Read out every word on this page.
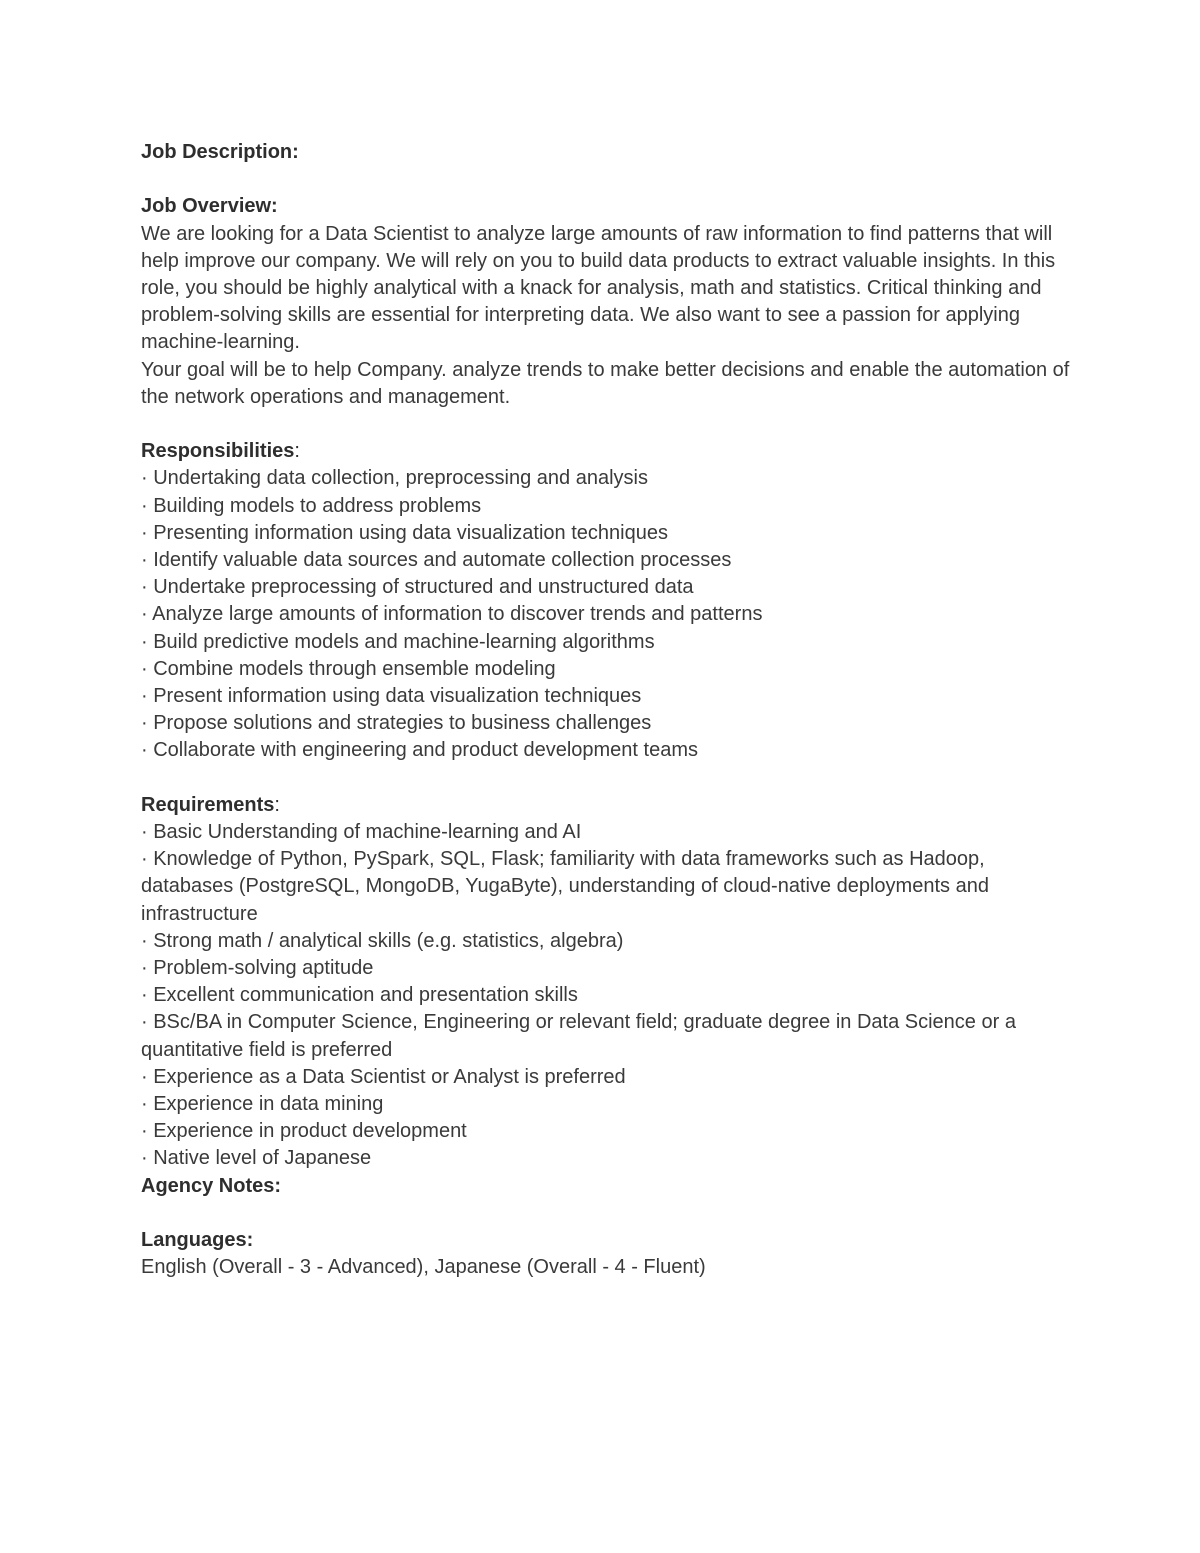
Job Description:

Job Overview:

We are looking for a Data Scientist to analyze large amounts of raw information to find patterns that will help improve our company. We will rely on you to build data products to extract valuable insights. In this role, you should be highly analytical with a knack for analysis, math and statistics. Critical thinking and problem-solving skills are essential for interpreting data. We also want to see a passion for applying machine-learning.

Your goal will be to help Company. analyze trends to make better decisions and enable the automation of the network operations and management.

Responsibilities:

· Undertaking data collection, preprocessing and analysis

· Building models to address problems

· Presenting information using data visualization techniques

· Identify valuable data sources and automate collection processes

· Undertake preprocessing of structured and unstructured data

· Analyze large amounts of information to discover trends and patterns

· Build predictive models and machine-learning algorithms

· Combine models through ensemble modeling

· Present information using data visualization techniques

· Propose solutions and strategies to business challenges

· Collaborate with engineering and product development teams

Requirements:

· Basic Understanding of machine-learning and AI

· Knowledge of Python, PySpark, SQL, Flask; familiarity with data frameworks such as Hadoop, databases (PostgreSQL, MongoDB, YugaByte), understanding of cloud-native deployments and infrastructure

· Strong math / analytical skills (e.g. statistics, algebra)

· Problem-solving aptitude

· Excellent communication and presentation skills

· BSc/BA in Computer Science, Engineering or relevant field; graduate degree in Data Science or a quantitative field is preferred

· Experience as a Data Scientist or Analyst is preferred

· Experience in data mining

· Experience in product development

· Native level of Japanese

Agency Notes:

Languages:

English (Overall - 3 - Advanced), Japanese (Overall - 4 - Fluent)
